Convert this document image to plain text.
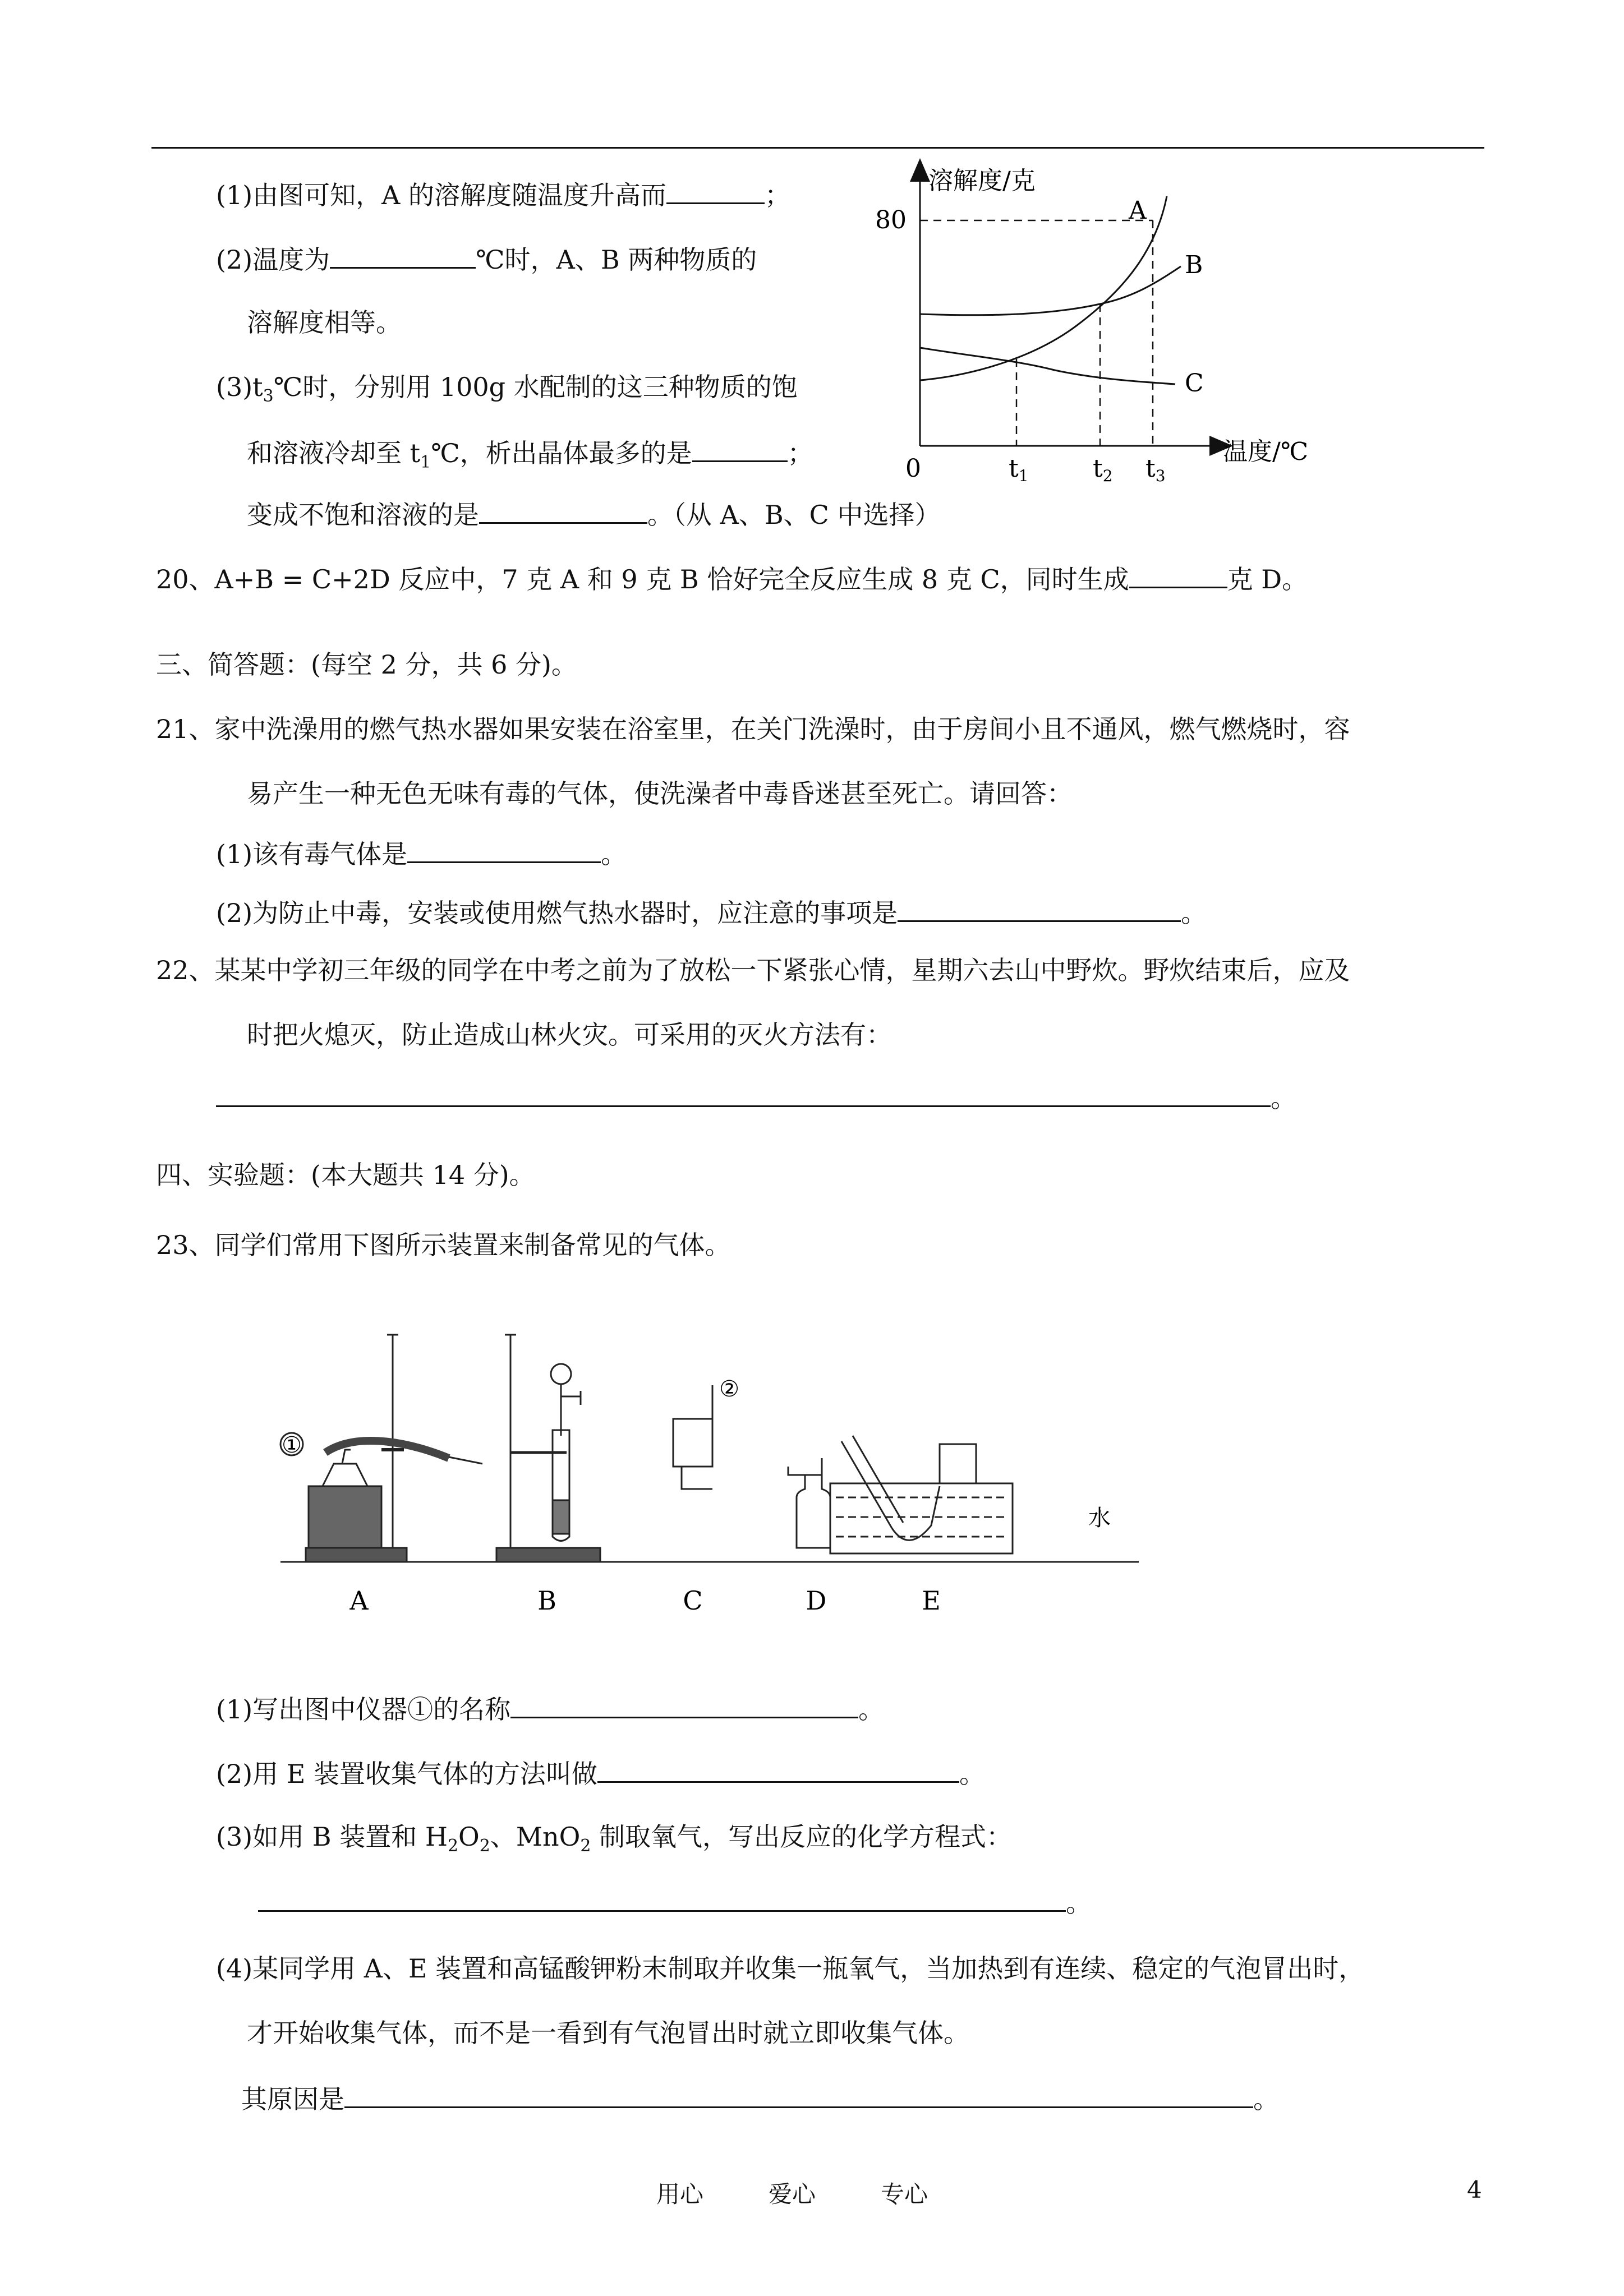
(1)由图可知，A 的溶解度随温度升高而	；
(2)温度为	℃时，A、B 两种物质的
溶解度相等。
$(3)t_3℃$时，分别用 100g 水配制的这三种物质的饱
和溶液冷却至 $t_1℃$，析出晶体最多的是	；
变成不饱和溶液的是	。（从 A、B、C 中选择）
溶解度/克
温度/℃
0
80	A
B
C
t1	t2 t3
20、A+B = C+2D 反应中，7 克 A 和 9 克 B 恰好完全反应生成 8 克 C，同时生成	克 D。
三、简答题：(每空 2 分，共 6 分)。
21、家中洗澡用的燃气热水器如果安装在浴室里，在关门洗澡时，由于房间小且不通风，燃气燃烧时，容
易产生一种无色无味有毒的气体，使洗澡者中毒昏迷甚至死亡。请回答：
(1)该有毒气体是	。
(2)为防止中毒，安装或使用燃气热水器时，应注意的事项是	。
22、某某中学初三年级的同学在中考之前为了放松一下紧张心情，星期六去山中野炊。野炊结束后，应及
时把火熄灭，防止造成山林火灾。可采用的灭火方法有：
。
四、实验题：(本大题共 14 分)。
23、同学们常用下图所示装置来制备常见的气体。
①
②
水
A	B	C	D	E
(1)写出图中仪器①的名称	。
(2)用 E 装置收集气体的方法叫做	。
(3)如用 B 装置和 $H_2O_2$、MnO$_2$ 制取氧气，写出反应的化学方程式：
。
(4)某同学用 A、E 装置和高锰酸钾粉末制取并收集一瓶氧气，当加热到有连续、稳定的气泡冒出时，
才开始收集气体，而不是一看到有气泡冒出时就立即收集气体。
其原因是	。
用心	爱心	专心	4
